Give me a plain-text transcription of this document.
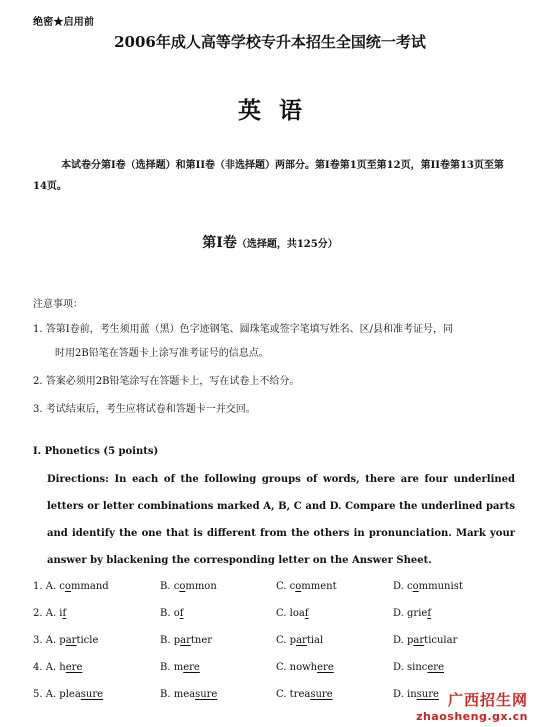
绝密★启用前
2006年成人高等学校专升本招生全国统一考试
英语
本试卷分第I卷（选择题）和第II卷（非选择题）两部分。第I卷第1页至第12页，第II卷第13页至第14页。
第I卷（选择题，共125分）
注意事项：
1. 答第I卷前，考生须用蓝（黑）色字迹钢笔、圆珠笔或签字笔填写姓名、区/县和准考证号，同
时用2B铅笔在答题卡上涂写准考证号的信息点。
2. 答案必须用2B铅笔涂写在答题卡上，写在试卷上不给分。
3. 考试结束后，考生应将试卷和答题卡一并交回。
I. Phonetics (5 points)
Directions: In each of the following groups of words, there are four underlined letters or letter combinations marked A, B, C and D. Compare the underlined parts and identify the one that is different from the others in pronunciation. Mark your answer by blackening the corresponding letter on the Answer Sheet.
1. A. command	B. common	C. comment	D. communist
2. A. if	B. of	C. loaf	D. grief
3. A. particle	B. partner	C. partial	D. particular
4. A. here	B. mere	C. nowhere	D. sincere
5. A. pleasure	B. measure	C. treasure	D. insure 广西招生网
zhaosheng.gx.cn
